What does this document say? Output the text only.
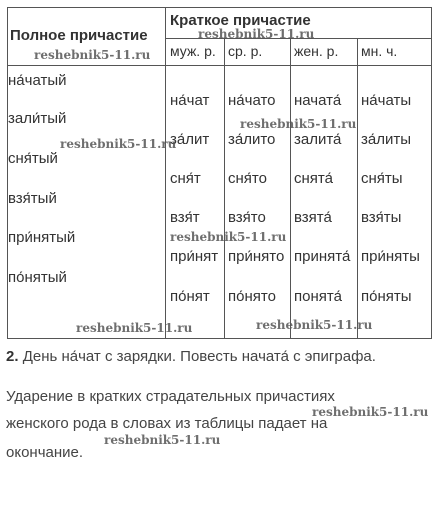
Полное причастие
Краткое причастие
муж. р. ср. р. жен. р. мн. ч.
на́чатый
зали́тый
сня́тый
взя́тый
при́нятый
по́нятый
на́чат на́чато начата́ на́чаты
за́лит за́лито залита́ за́литы
сня́т сня́то снята́ сня́ты
взя́т взя́то взята́ взя́ты
при́нят при́нято принята́ при́няты
по́нят по́нято понята́ по́няты
reshebnik5-11.ru
reshebnik5-11.ru
reshebnik5-11.ru
reshebnik5-11.ru
reshebnik5-11.ru
reshebnik5-11.ru
reshebnik5-11.ru
reshebnik5-11.ru
reshebnik5-11.ru
2. День на́чат с зарядки. Повесть начата́ с эпиграфа.
Ударение в кратких страдательных причастиях
женского рода в словах из таблицы падает на
окончание.
